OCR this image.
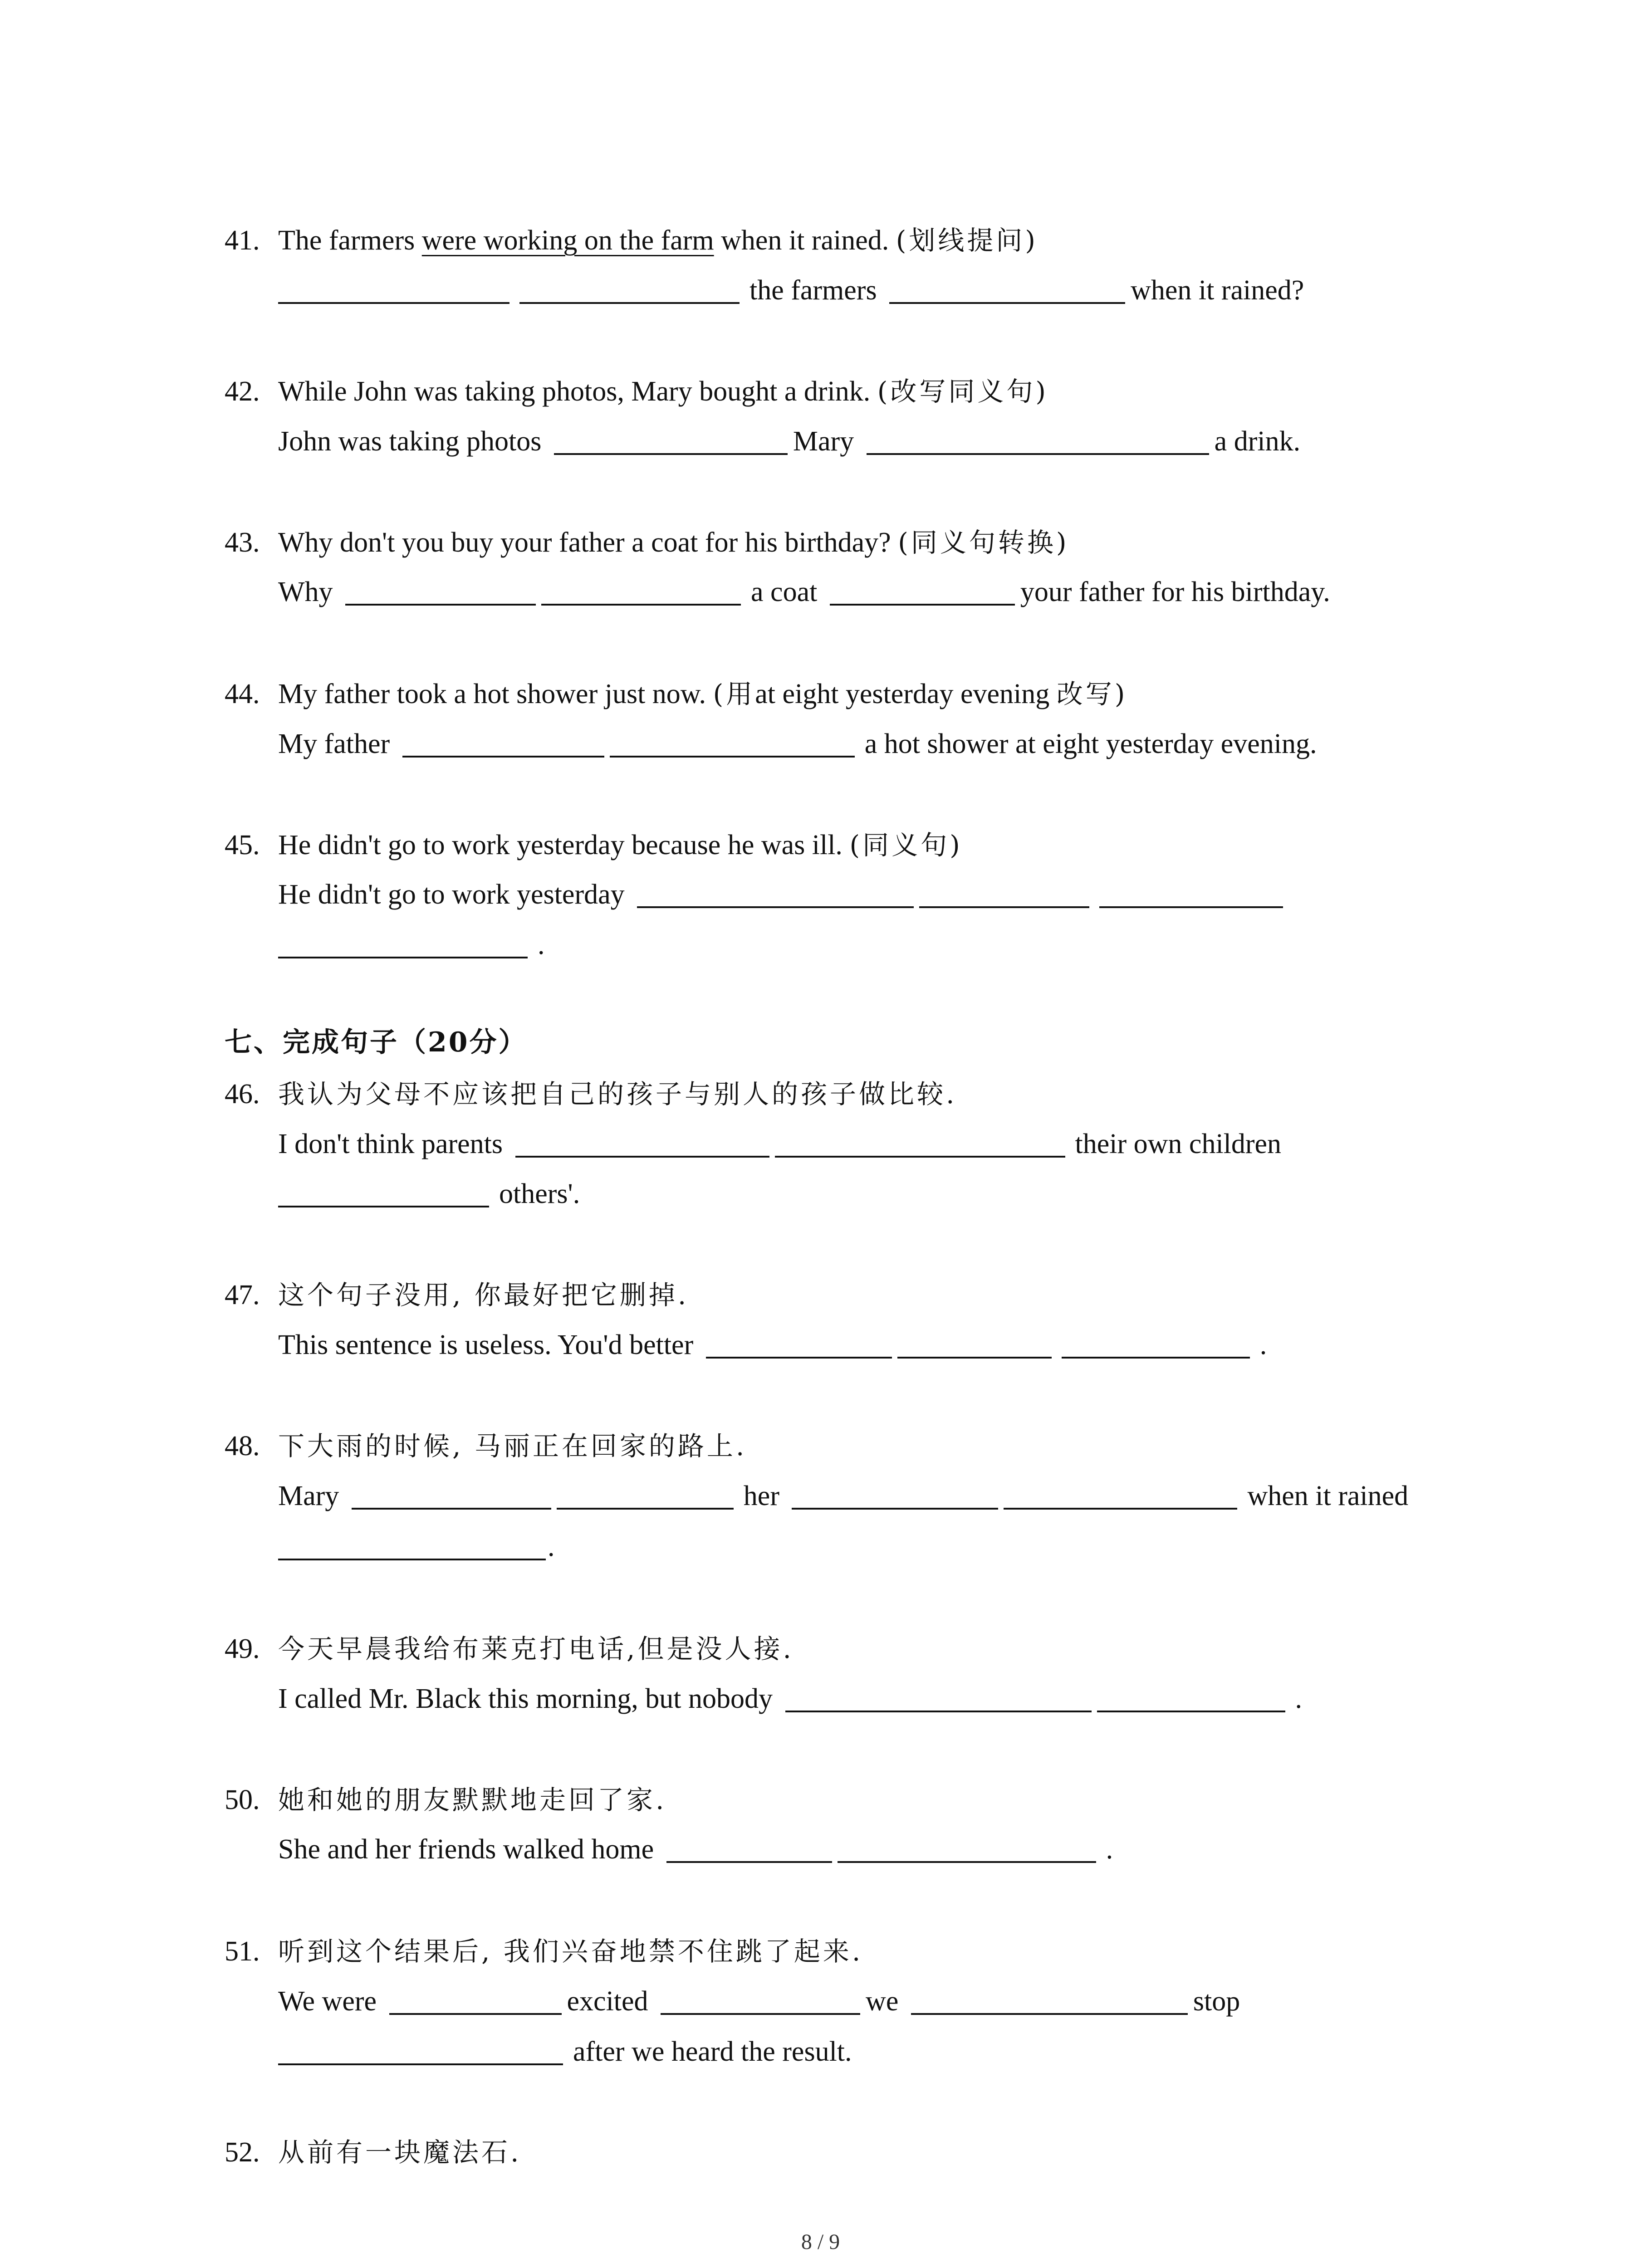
41. The farmers were working on the farm when it rained. (划线提问)
the farmers	when it rained?
42. While John was taking photos, Mary bought a drink. (改写同义句)
John was taking photos	Mary	a drink.
43. Why don't you buy your father a coat for his birthday? (同义句转换)
Why	a coat	your father for his birthday.
44. My father took a hot shower just now. (用at eight yesterday evening 改写)
My father	a hot shower at eight yesterday evening.
45. He didn't go to work yesterday because he was ill. (同义句)
He didn't go to work yesterday
.
七、完成句子（20分）
46. 我认为父母不应该把自己的孩子与别人的孩子做比较.
I don't think parents	their own children
others'.
47. 这个句子没用, 你最好把它删掉.
This sentence is useless. You'd better	.
48. 下大雨的时候, 马丽正在回家的路上.
Mary	her	when it rained
.
49. 今天早晨我给布莱克打电话,但是没人接.
I called Mr. Black this morning, but nobody	.
50. 她和她的朋友默默地走回了家.
She and her friends walked home	.
51. 听到这个结果后, 我们兴奋地禁不住跳了起来.
We were	excited	we	stop
after we heard the result.
52. 从前有一块魔法石.
8 / 9
